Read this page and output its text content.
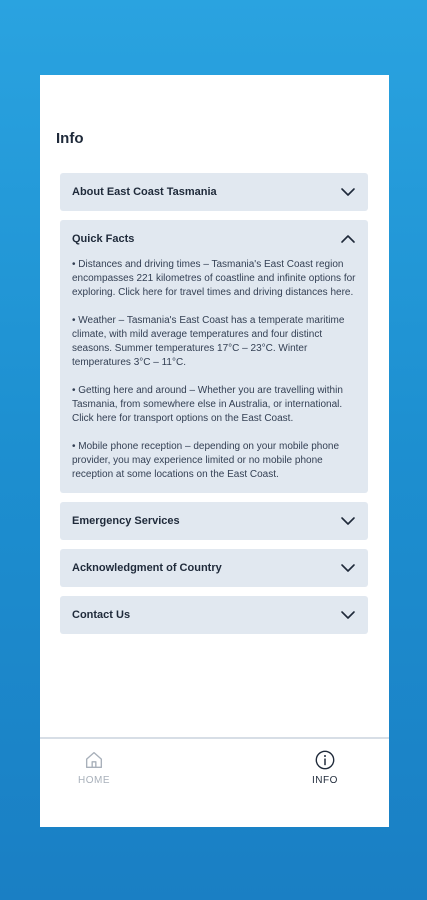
Info
About East Coast Tasmania
Quick Facts

• Distances and driving times – Tasmania's East Coast region encompasses 221 kilometres of coastline and infinite options for exploring. Click here for travel times and driving distances here.

• Weather – Tasmania's East Coast has a temperate maritime climate, with mild average temperatures and four distinct seasons. Summer temperatures 17°C – 23°C. Winter temperatures 3°C – 11°C.

• Getting here and around – Whether you are travelling within Tasmania, from somewhere else in Australia, or international. Click here for transport options on the East Coast.

• Mobile phone reception – depending on your mobile phone provider, you may experience limited or no mobile phone reception at some locations on the East Coast.

Emergency Services
Acknowledgment of Country
Contact Us
HOME	INFO
